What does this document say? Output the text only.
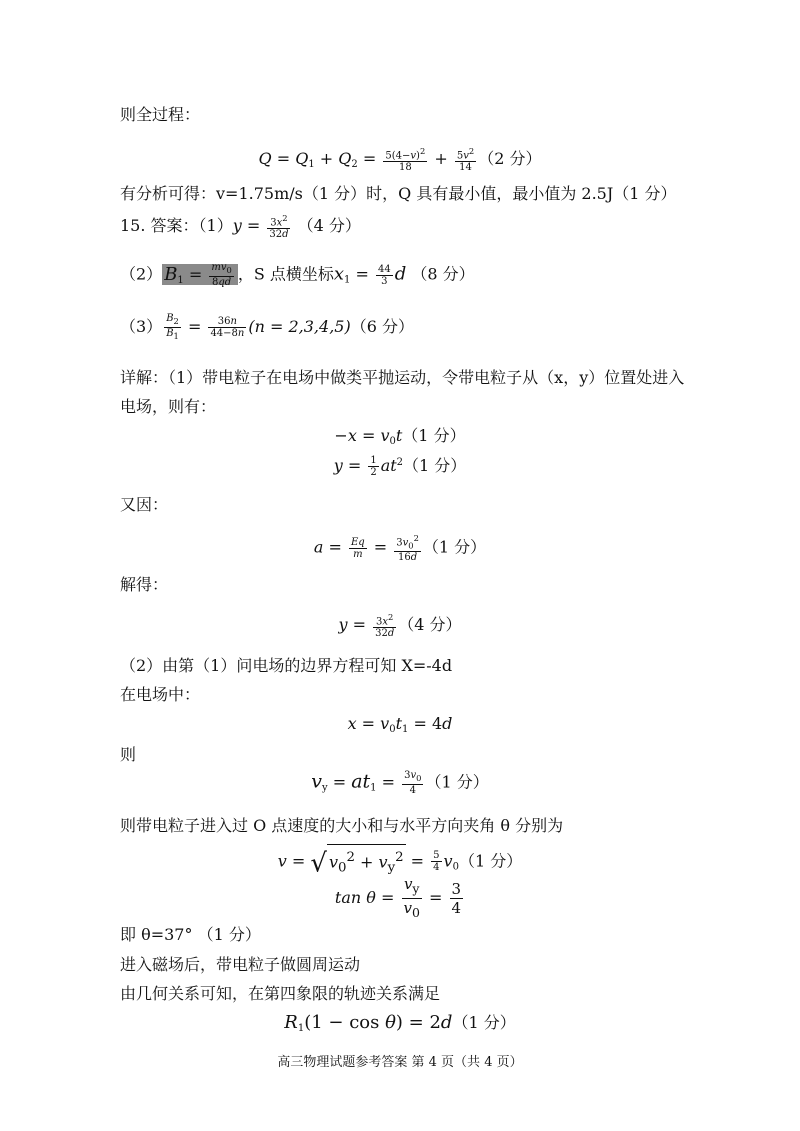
则全过程：
$Q = Q_1 + Q_2 = \frac{5(4-v)^2}{18} + \frac{5v^2}{14} (2$ 分）
有分析可得：v=1.75m/s（1 分）时，Q 具有最小值，最小值为 2.5J（1 分）
15. 答案：$(1)y = \frac{3x^2}{32d} (4$ 分）
（2） $B_1 = \frac{mv_0}{8qd}$ ，S 点横坐标$x_1 = \frac{44}{3}$ d （8 分）
$(3) \frac{B_2}{B_1} = \frac{36n}{44-8n} (n = 2,3,4,5)(6$ 分）
详解：（1）带电粒子在电场中做类平抛运动，令带电粒子从（x，y）位置处进入
电场，则有：
$-x = v_0t(1$ 分）
$y = \frac{1}{2} at^2(1$ 分）
又因：
$a = \frac{Eq}{m} = \frac{3v_0^2}{16d} (1$ 分）
解得：
$y = \frac{3x^2}{32d} (4$ 分）
（2）由第（1）问电场的边界方程可知 X=-4d
在电场中：
$x = v_0t_1 = 4d$
则
$v_y = at_1 = \frac{3v_0}{4} (1$ 分）
则带电粒子进入过 O 点速度的大小和与水平方向夹角 θ 分别为
v = √ $v_0^2 + v_y^2 = \frac{5}{4} v_0(1$ 分）
$\tan \theta = \frac{v_y}{v_0} = \frac{3}{4}$
即 θ=37° （1 分）
进入磁场后，带电粒子做圆周运动
由几何关系可知，在第四象限的轨迹关系满足
$R_1(1 - \cos \theta) = 2d(1$ 分）
高三物理试题参考答案 第 4 页（共 4 页）
